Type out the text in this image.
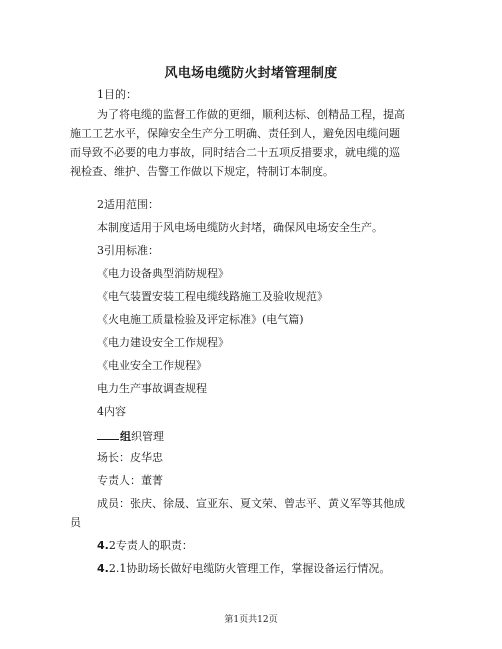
风电场电缆防火封堵管理制度
1目的：
为了将电缆的监督工作做的更细，顺利达标、创精品工程，提高
施工工艺水平，保障安全生产分工明确、责任到人，避免因电缆问题
而导致不必要的电力事故，同时结合二十五项反措要求，就电缆的巡
视检查、维护、告警工作做以下规定，特制订本制度。
2适用范围：
本制度适用于风电场电缆防火封堵，确保风电场安全生产。
3引用标准：
《电力设备典型消防规程》
《电气装置安装工程电缆线路施工及验收规范》
《火电施工质量检验及评定标准》(电气篇)
《电力建设安全工作规程》
《电业安全工作规程》
电力生产事故调查规程
4内容
组织管理
场长：皮华忠
专责人：董菁
成员：张庆、徐晟、宣亚东、夏文荣、曾志平、黄义军等其他成
员
4.2专责人的职责：
4.2.1协助场长做好电缆防火管理工作，掌握设备运行情况。
第1页共12页
